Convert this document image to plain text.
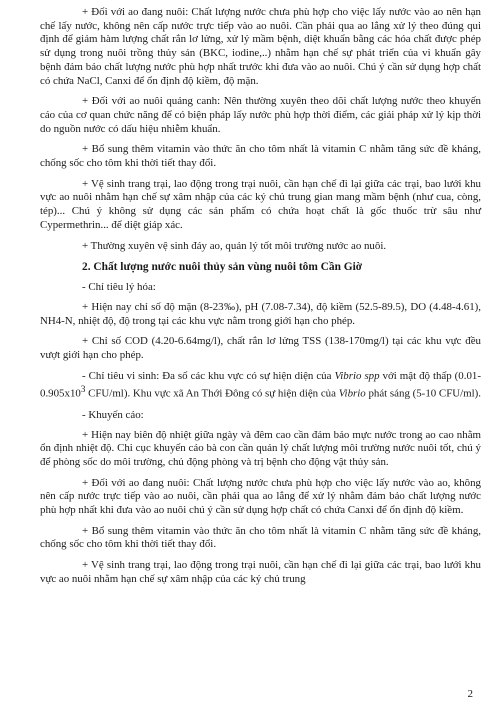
+ Đối với ao đang nuôi: Chất lượng nước chưa phù hợp cho việc lấy nước vào ao nên hạn chế lấy nước, không nên cấp nước trực tiếp vào ao nuôi. Cần phải qua ao lắng xử lý theo đúng qui định để giảm hàm lượng chất rắn lơ lửng, xử lý mầm bệnh, diệt khuẩn bằng các hóa chất được phép sử dụng trong nuôi trồng thủy sản (BKC, iodine,..) nhằm hạn chế sự phát triển của vi khuẩn gây bệnh đảm bảo chất lượng nước phù hợp nhất trước khi đưa vào ao nuôi. Chú ý cần sử dụng hợp chất có chứa NaCl, Canxi để ổn định độ kiềm, độ mặn.

+ Đối với ao nuôi quảng canh: Nên thường xuyên theo dõi chất lượng nước theo khuyến cáo của cơ quan chức năng để có biện pháp lấy nước phù hợp thời điểm, các giải pháp xử lý kịp thời do nguồn nước có dấu hiệu nhiễm khuẩn.

+ Bổ sung thêm vitamin vào thức ăn cho tôm nhất là vitamin C nhằm tăng sức đề kháng, chống sốc cho tôm khi thời tiết thay đổi.

+ Vệ sinh trang trại, lao động trong trại nuôi, cần hạn chế đi lại giữa các trại, bao lưới khu vực ao nuôi nhằm hạn chế sự xâm nhập của các ký chủ trung gian mang mầm bệnh (như cua, còng, tép)... Chú ý không sử dụng các sản phẩm có chứa hoạt chất là gốc thuốc trừ sâu như Cypermethrin... để diệt giáp xác.

+ Thường xuyên vệ sinh đáy ao, quản lý tốt môi trường nước ao nuôi.

2. Chất lượng nước nuôi thủy sản vùng nuôi tôm Cần Giờ

- Chỉ tiêu lý hóa:

+ Hiện nay chỉ số độ mặn (8-23‰), pH (7.08-7.34), độ kiềm (52.5-89.5), DO (4.48-4.61), NH4-N, nhiệt độ, độ trong tại các khu vực nằm trong giới hạn cho phép.

+ Chỉ số COD (4.20-6.64mg/l), chất rắn lơ lửng TSS (138-170mg/l) tại các khu vực đều vượt giới hạn cho phép.

- Chỉ tiêu vi sinh: Đa số các khu vực có sự hiện diện của Vibrio spp với mật độ thấp ($0.01-0.905x10^3$ CFU/ml). Khu vực xã An Thới Đông có sự hiện diện của Vibrio phát sáng (5-10 CFU/ml).

- Khuyến cáo:

+ Hiện nay biên độ nhiệt giữa ngày và đêm cao cần đảm bảo mực nước trong ao cao nhằm ổn định nhiệt độ. Chi cục khuyến cáo bà con cần quản lý chất lượng môi trường nước nuôi tốt, chú ý để phòng sốc do môi trường, chủ động phòng và trị bệnh cho động vật thủy sản.

+ Đối với ao đang nuôi: Chất lượng nước chưa phù hợp cho việc lấy nước vào ao, không nên cấp nước trực tiếp vào ao nuôi, cần phải qua ao lắng để xử lý nhằm đảm bảo chất lượng nước phù hợp nhất khi đưa vào ao nuôi chú ý cần sử dụng hợp chất có chứa Canxi để ổn định độ kiềm.

+ Bổ sung thêm vitamin vào thức ăn cho tôm nhất là vitamin C nhằm tăng sức đề kháng, chống sốc cho tôm khi thời tiết thay đổi.

+ Vệ sinh trang trại, lao động trong trại nuôi, cần hạn chế đi lại giữa các trại, bao lưới khu vực ao nuôi nhằm hạn chế sự xâm nhập của các ký chủ trung

2
